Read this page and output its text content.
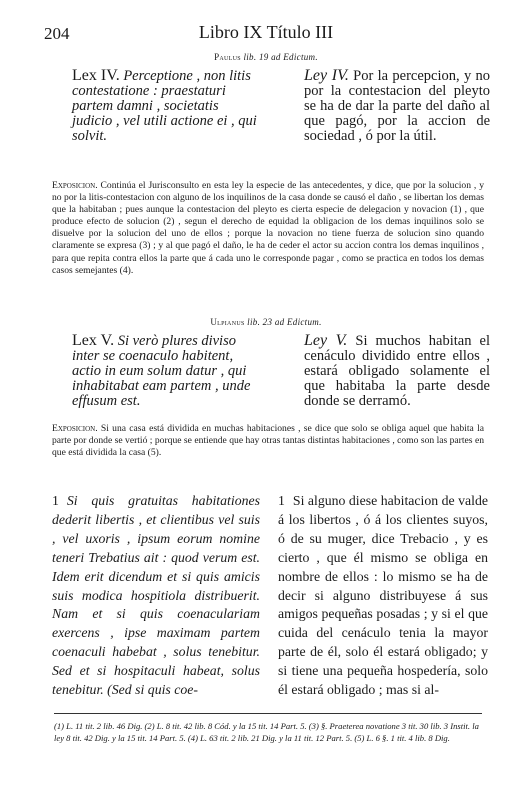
204	Libro IX Título III
Paulus lib. 19 ad Edictum.
Lex IV. Perceptione , non litis contestatione : praestaturi partem damni , societatis judicio , vel utili actione ei , qui solvit.
Ley IV. Por la percepcion, y no por la contestacion del pleyto se ha de dar la parte del daño al que pagó, por la accion de sociedad , ó por la útil.
Exposicion. Continúa el Jurisconsulto en esta ley la especie de las antecedentes, y dice, que por la solucion , y no por la litis-contestacion con alguno de los inquilinos de la casa donde se causó el daño , se libertan los demas que la habitaban ; pues aunque la contestacion del pleyto es cierta especie de delegacion y novacion (1) , que produce efecto de solucion (2) , segun el derecho de equidad la obligacion de los demas inquilinos solo se disuelve por la solucion del uno de ellos ; porque la novacion no tiene fuerza de solucion sino quando claramente se expresa (3) ; y al que pagó el daño, le ha de ceder el actor su accion contra los demas inquilinos , para que repita contra ellos la parte que á cada uno le corresponde pagar , como se practica en todos los demas casos semejantes (4).
Ulpianus lib. 23 ad Edictum.
Lex V. Si verò plures diviso inter se coenaculo habitent, actio in eum solum datur , qui inhabitabat eam partem , unde effusum est.
Ley V. Si muchos habitan el cenáculo dividido entre ellos , estará obligado solamente el que habitaba la parte desde donde se derramó.
Exposicion. Si una casa está dividida en muchas habitaciones , se dice que solo se obliga aquel que habita la parte por donde se vertió ; porque se entiende que hay otras tantas distintas habitaciones , como son las partes en que está dividida la casa (5).
1 Si quis gratuitas habitationes dederit libertis , et clientibus vel suis , vel uxoris , ipsum eorum nomine teneri Trebatius ait : quod verum est. Idem erit dicendum et si quis amicis suis modica hospitiola distribuerit. Nam et si quis coenaculariam exercens , ipse maximam partem coenaculi habebat , solus tenebitur. Sed et si hospitaculi habeat, solus tenebitur. (Sed si quis coe-
1 Si alguno diese habitacion de valde á los libertos , ó á los clientes suyos, ó de su muger, dice Trebacio , y es cierto , que él mismo se obliga en nombre de ellos : lo mismo se ha de decir si alguno distribuyese á sus amigos pequeñas posadas ; y si el que cuida del cenáculo tenia la mayor parte de él, solo él estará obligado; y si tiene una pequeña hospedería, solo él estará obligado ; mas si al-
(1) L. 11 tit. 2 lib. 46 Dig. (2) L. 8 tit. 42 lib. 8 Cód. y la 15 tit. 14 Part. 5. (3) §. Praeterea novatione 3 tit. 30 lib. 3 Instit. la ley 8 tit. 42 Dig. y la 15 tit. 14 Part. 5. (4) L. 63 tit. 2 lib. 21 Dig. y la 11 tit. 12 Part. 5. (5) L. 6 §. 1 tit. 4 lib. 8 Dig.
